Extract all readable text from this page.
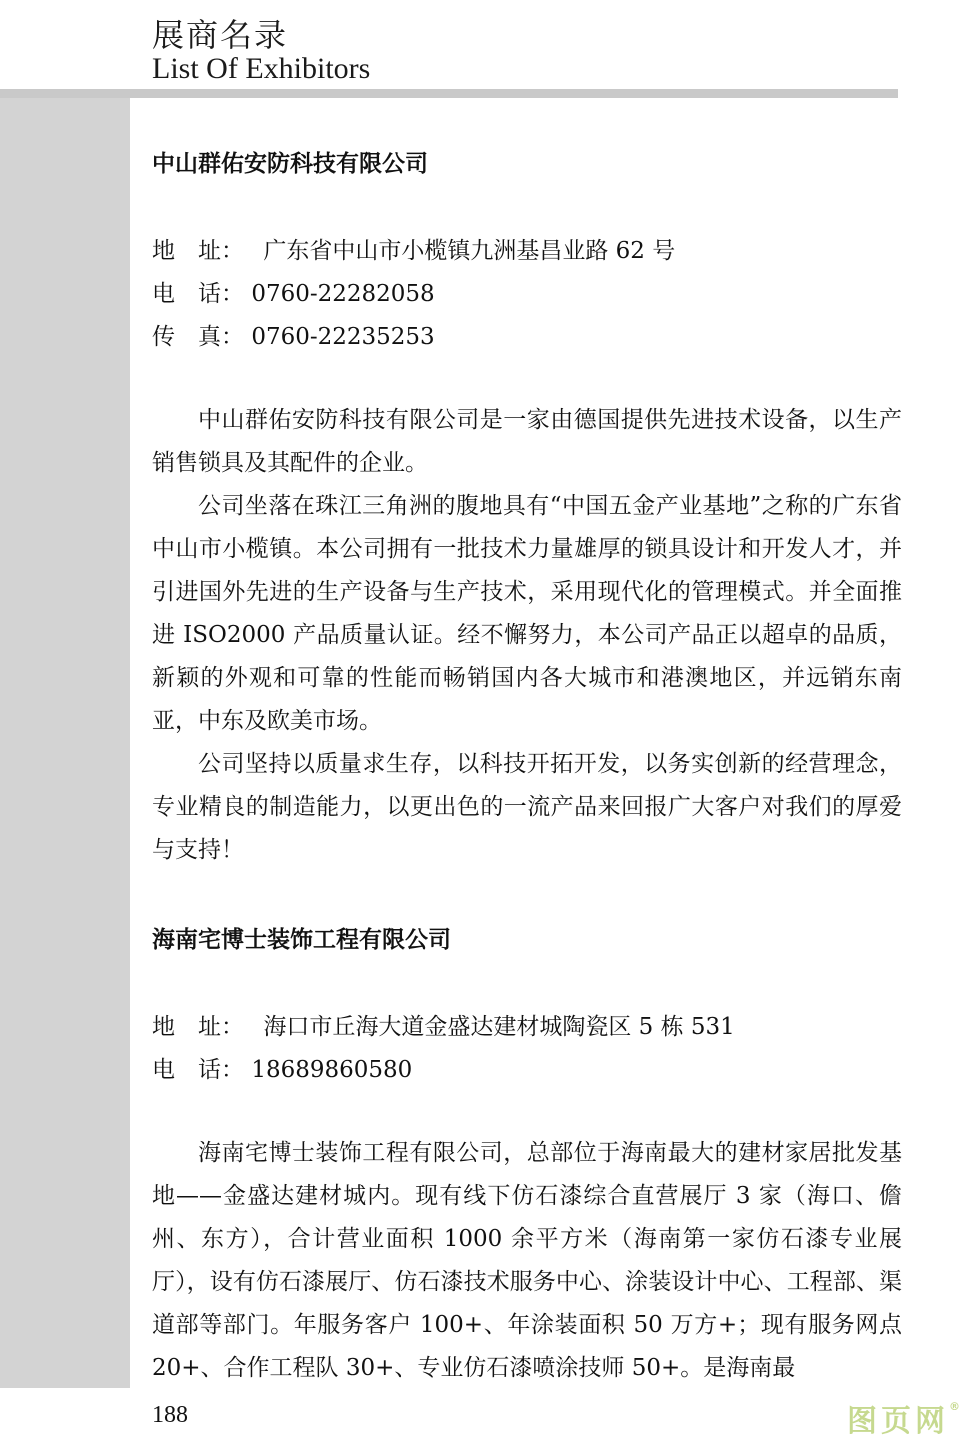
展商名录
List Of Exhibitors
中山群佑安防科技有限公司
地　址： 广东省中山市小榄镇九洲基昌业路 62 号
电　话： 0760-22282058
传　真： 0760-22235253

中山群佑安防科技有限公司是一家由德国提供先进技术设备，以生产销售锁具及其配件的企业。

公司坐落在珠江三角洲的腹地具有“中国五金产业基地”之称的广东省中山市小榄镇。本公司拥有一批技术力量雄厚的锁具设计和开发人才，并引进国外先进的生产设备与生产技术，采用现代化的管理模式。并全面推进 ISO2000 产品质量认证。经不懈努力，本公司产品正以超卓的品质，新颖的外观和可靠的性能而畅销国内各大城市和港澳地区，并远销东南亚，中东及欧美市场。

公司坚持以质量求生存，以科技开拓开发，以务实创新的经营理念，专业精良的制造能力，以更出色的一流产品来回报广大客户对我们的厚爱与支持！

海南宅博士装饰工程有限公司
地　址： 海口市丘海大道金盛达建材城陶瓷区 5 栋 531
电　话： 18689860580

海南宅博士装饰工程有限公司，总部位于海南最大的建材家居批发基地——金盛达建材城内。现有线下仿石漆综合直营展厅 3 家（海口、儋州、东方），合计营业面积 1000 余平方米（海南第一家仿石漆专业展厅），设有仿石漆展厅、仿石漆技术服务中心、涂装设计中心、工程部、渠道部等部门。年服务客户 100+、年涂装面积 50 万方+；现有服务网点 20+、合作工程队 30+、专业仿石漆喷涂技师 50+。是海南最

188	图页网®
